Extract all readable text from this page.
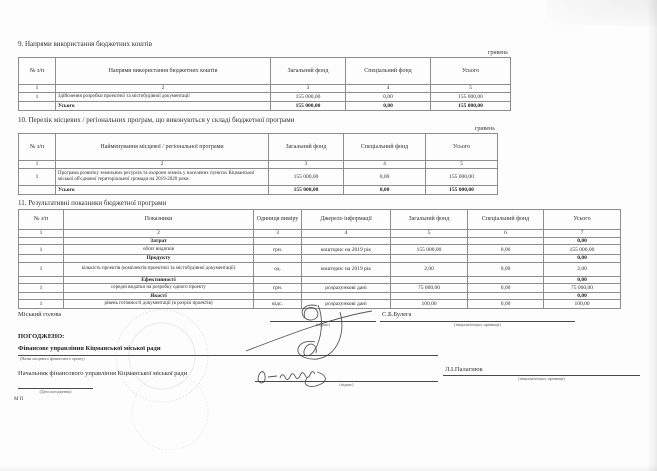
9. Напрями використання бюджетних коштів
гривень
№ з/п	Напрями використання бюджетних коштів	Загальний фонд	Спеціальний фонд	Усього
1	2	3	4	5
1	Здійснення розробки проектної та містобудівної документації	155 000,00	0,00	155 000,00
	Усього	155 000,00	0,00	155 000,00
10. Перелік місцевих / регіональних програм, що виконуються у складі бюджетної програми
гривень
№ з/п	Найменування місцевої / регіональної програми	Загальний фонд	Спеціальний фонд	Усього
1	2	3	4	5
1	Програма розвитку земельних ресурсів та охорони земель у населених пунктах Кіцманської міської об'єднаної територіальної громади на 2019-2020 роки	155 000,00	0,00	155 000,00
	Усього	155 000,00	0,00	155 000,00
11. Результативні показники бюджетної програми
№ з/п	Показники	Одиниця виміру	Джерело інформації	Загальний фонд	Спеціальний фонд	Усього
1	2	3	4	5	6	7
	Затрат					0,00
1	обсяг видатків	грн.	кошторис на 2019 рік	155 000,00	0,00	155 000,00
	Продукту					0,00
1	кількість проектів (комплектів проектної та містобудівної документації)	од.	кошторис на 2019 рік	2,00	0,00	2,00
	Ефективності					0,00
1	середні видатки на розробку одного проекту	грн.	розрахункові дані	75 000,00	0,00	75 000,00
	Якості					0,00
1	рівень готовності документації (в розрізі проектів)	відс.	розрахункові дані	100,00	0,00	100,00
Міський голова
(підпис)
С.Б.Булега
(ініціали/ініціал, прізвище)
ПОГОДЖЕНО:
Фінансове управління Кіцманської міської ради
(Назва місцевого фінансового органу)
Начальник фінансового управління Кіцманської міської ради
(підпис)
Л.І.Палагнюк
(ініціали/ініціал, прізвище)
(Дата погодження)
М П
